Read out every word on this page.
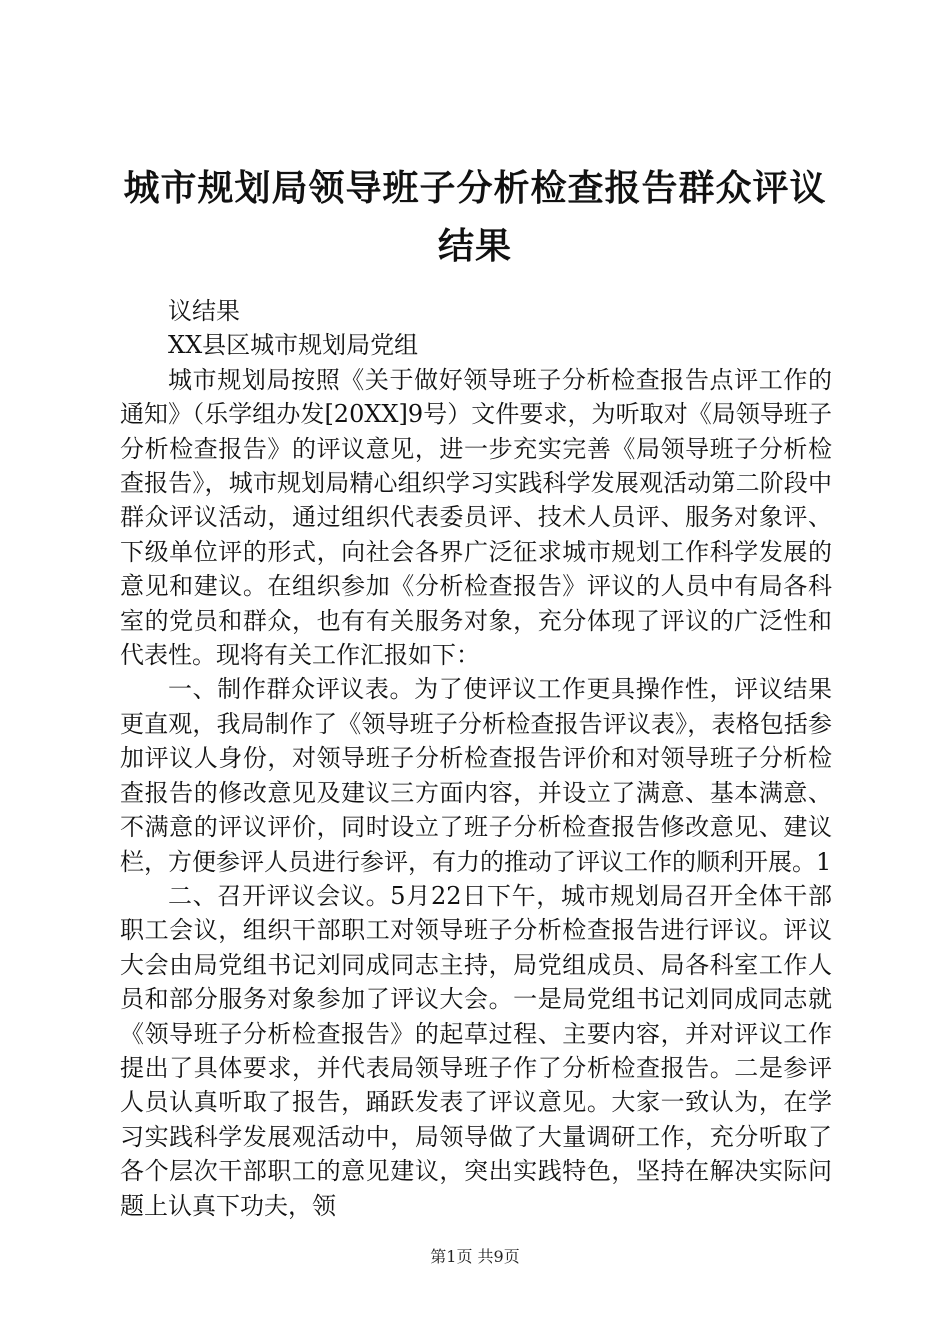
城市规划局领导班子分析检查报告群众评议结果

议结果

XX县区城市规划局党组

城市规划局按照《关于做好领导班子分析检查报告点评工作的通知》（乐学组办发[20XX]9号）文件要求，为听取对《局领导班子分析检查报告》的评议意见，进一步充实完善《局领导班子分析检查报告》，城市规划局精心组织学习实践科学发展观活动第二阶段中群众评议活动，通过组织代表委员评、技术人员评、服务对象评、下级单位评的形式，向社会各界广泛征求城市规划工作科学发展的意见和建议。在组织参加《分析检查报告》评议的人员中有局各科室的党员和群众，也有有关服务对象，充分体现了评议的广泛性和代表性。现将有关工作汇报如下：

一、制作群众评议表。为了使评议工作更具操作性，评议结果更直观，我局制作了《领导班子分析检查报告评议表》，表格包括参加评议人身份，对领导班子分析检查报告评价和对领导班子分析检查报告的修改意见及建议三方面内容，并设立了满意、基本满意、不满意的评议评价，同时设立了班子分析检查报告修改意见、建议栏，方便参评人员进行参评，有力的推动了评议工作的顺利开展。1

二、召开评议会议。5月22日下午，城市规划局召开全体干部职工会议，组织干部职工对领导班子分析检查报告进行评议。评议大会由局党组书记刘同成同志主持，局党组成员、局各科室工作人员和部分服务对象参加了评议大会。一是局党组书记刘同成同志就《领导班子分析检查报告》的起草过程、主要内容，并对评议工作提出了具体要求，并代表局领导班子作了分析检查报告。二是参评人员认真听取了报告，踊跃发表了评议意见。大家一致认为，在学习实践科学发展观活动中，局领导做了大量调研工作，充分听取了各个层次干部职工的意见建议，突出实践特色，坚持在解决实际问题上认真下功夫，领

第1页 共9页
